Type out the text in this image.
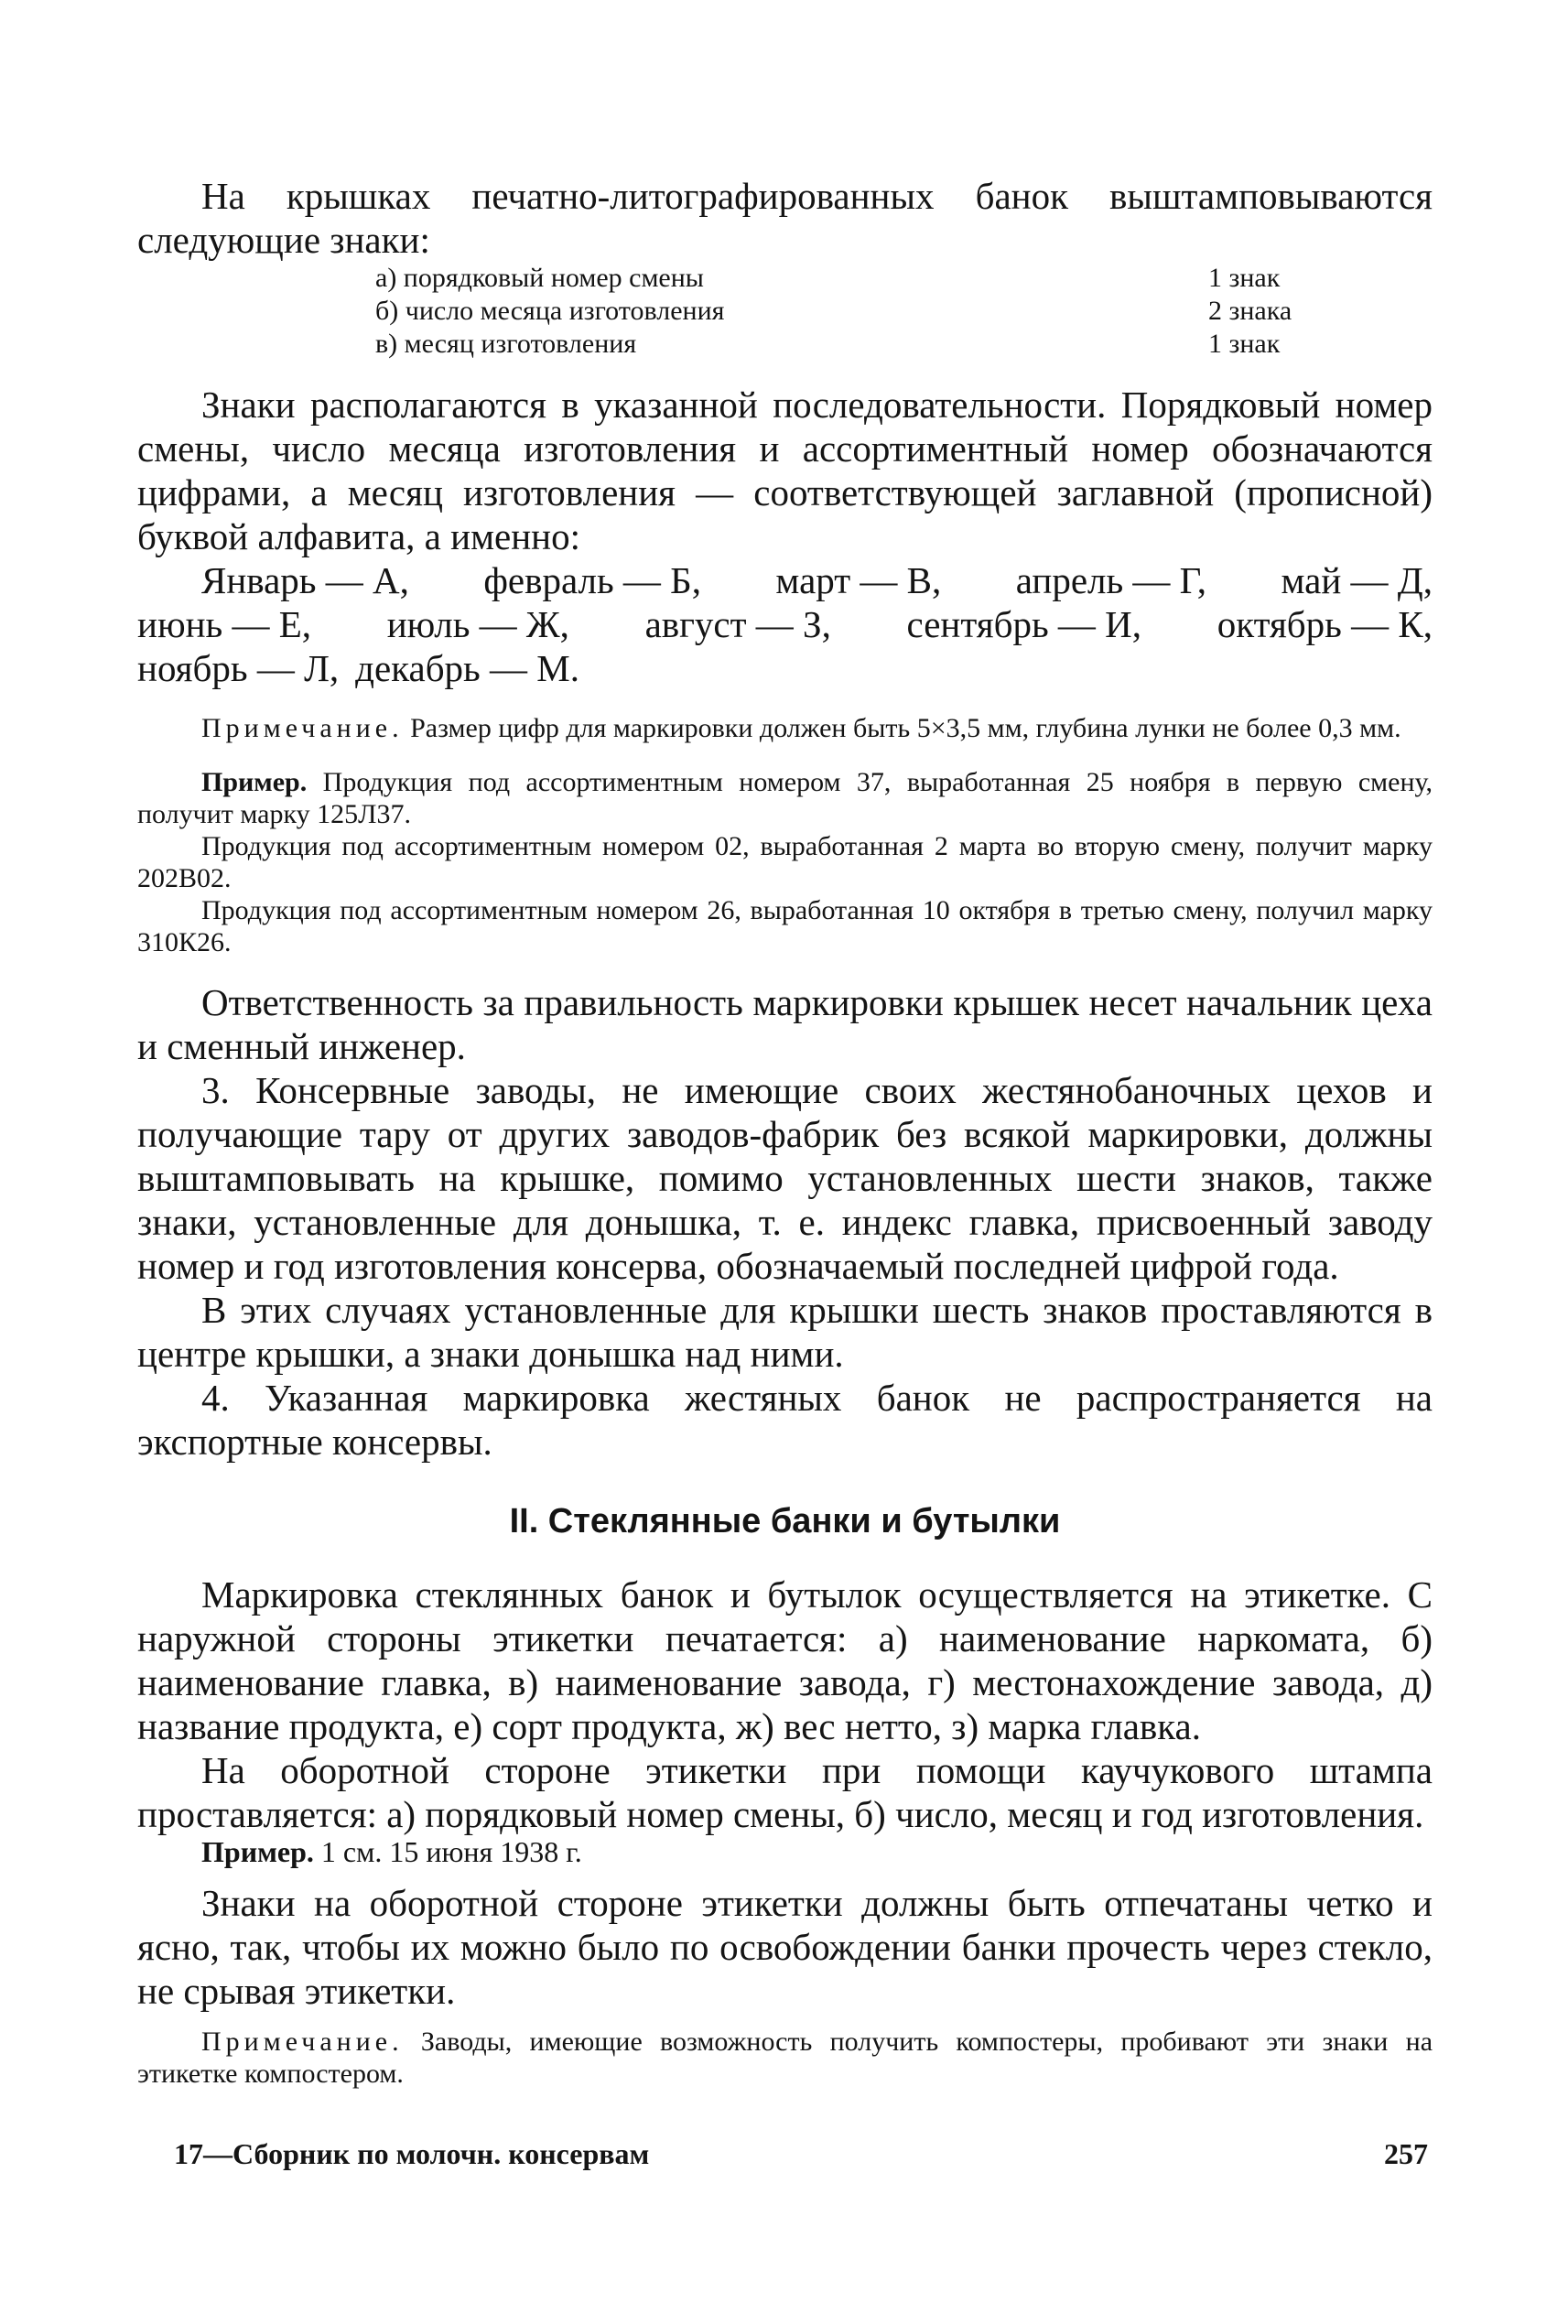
На крышках печатно-литографированных банок выштамповываются следующие знаки:
а) порядковый номер смены	1 знак
б) число месяца изготовления	2 знака
в) месяц изготовления	1 знак
Знаки располагаются в указанной последовательности. Порядковый номер смены, число месяца изготовления и ассортиментный номер обозначаются цифрами, а месяц изготовления — соответствующей заглавной (прописной) буквой алфавита, а именно:
Январь — А, февраль — Б, март — В, апрель — Г, май — Д,
июнь — Е, июль — Ж, август — З, сентябрь — И, октябрь — К,
ноябрь — Л, декабрь — М.
Примечание. Размер цифр для маркировки должен быть 5×3,5 мм, глубина лунки не более 0,3 мм.
Пример. Продукция под ассортиментным номером 37, выработанная 25 ноября в первую смену, получит марку 125Л37.
Продукция под ассортиментным номером 02, выработанная 2 марта во вторую смену, получит марку 202В02.
Продукция под ассортиментным номером 26, выработанная 10 октября в третью смену, получил марку 310К26.
Ответственность за правильность маркировки крышек несет начальник цеха и сменный инженер.
3. Консервные заводы, не имеющие своих жестянобаночных цехов и получающие тару от других заводов-фабрик без всякой маркировки, должны выштамповывать на крышке, помимо установленных шести знаков, также знаки, установленные для донышка, т. е. индекс главка, присвоенный заводу номер и год изготовления консерва, обозначаемый последней цифрой года.
В этих случаях установленные для крышки шесть знаков проставляются в центре крышки, а знаки донышка над ними.
4. Указанная маркировка жестяных банок не распространяется на экспортные консервы.
II. Стеклянные банки и бутылки
Маркировка стеклянных банок и бутылок осуществляется на этикетке. С наружной стороны этикетки печатается: а) наименование наркомата, б) наименование главка, в) наименование завода, г) местонахождение завода, д) название продукта, е) сорт продукта, ж) вес нетто, з) марка главка.
На оборотной стороне этикетки при помощи каучукового штампа проставляется: а) порядковый номер смены, б) число, месяц и год изготовления.
Пример. 1 см. 15 июня 1938 г.
Знаки на оборотной стороне этикетки должны быть отпечатаны четко и ясно, так, чтобы их можно было по освобождении банки прочесть через стекло, не срывая этикетки.
Примечание. Заводы, имеющие возможность получить компостеры, пробивают эти знаки на этикетке компостером.
17—Сборник по молочн. консервам	257
